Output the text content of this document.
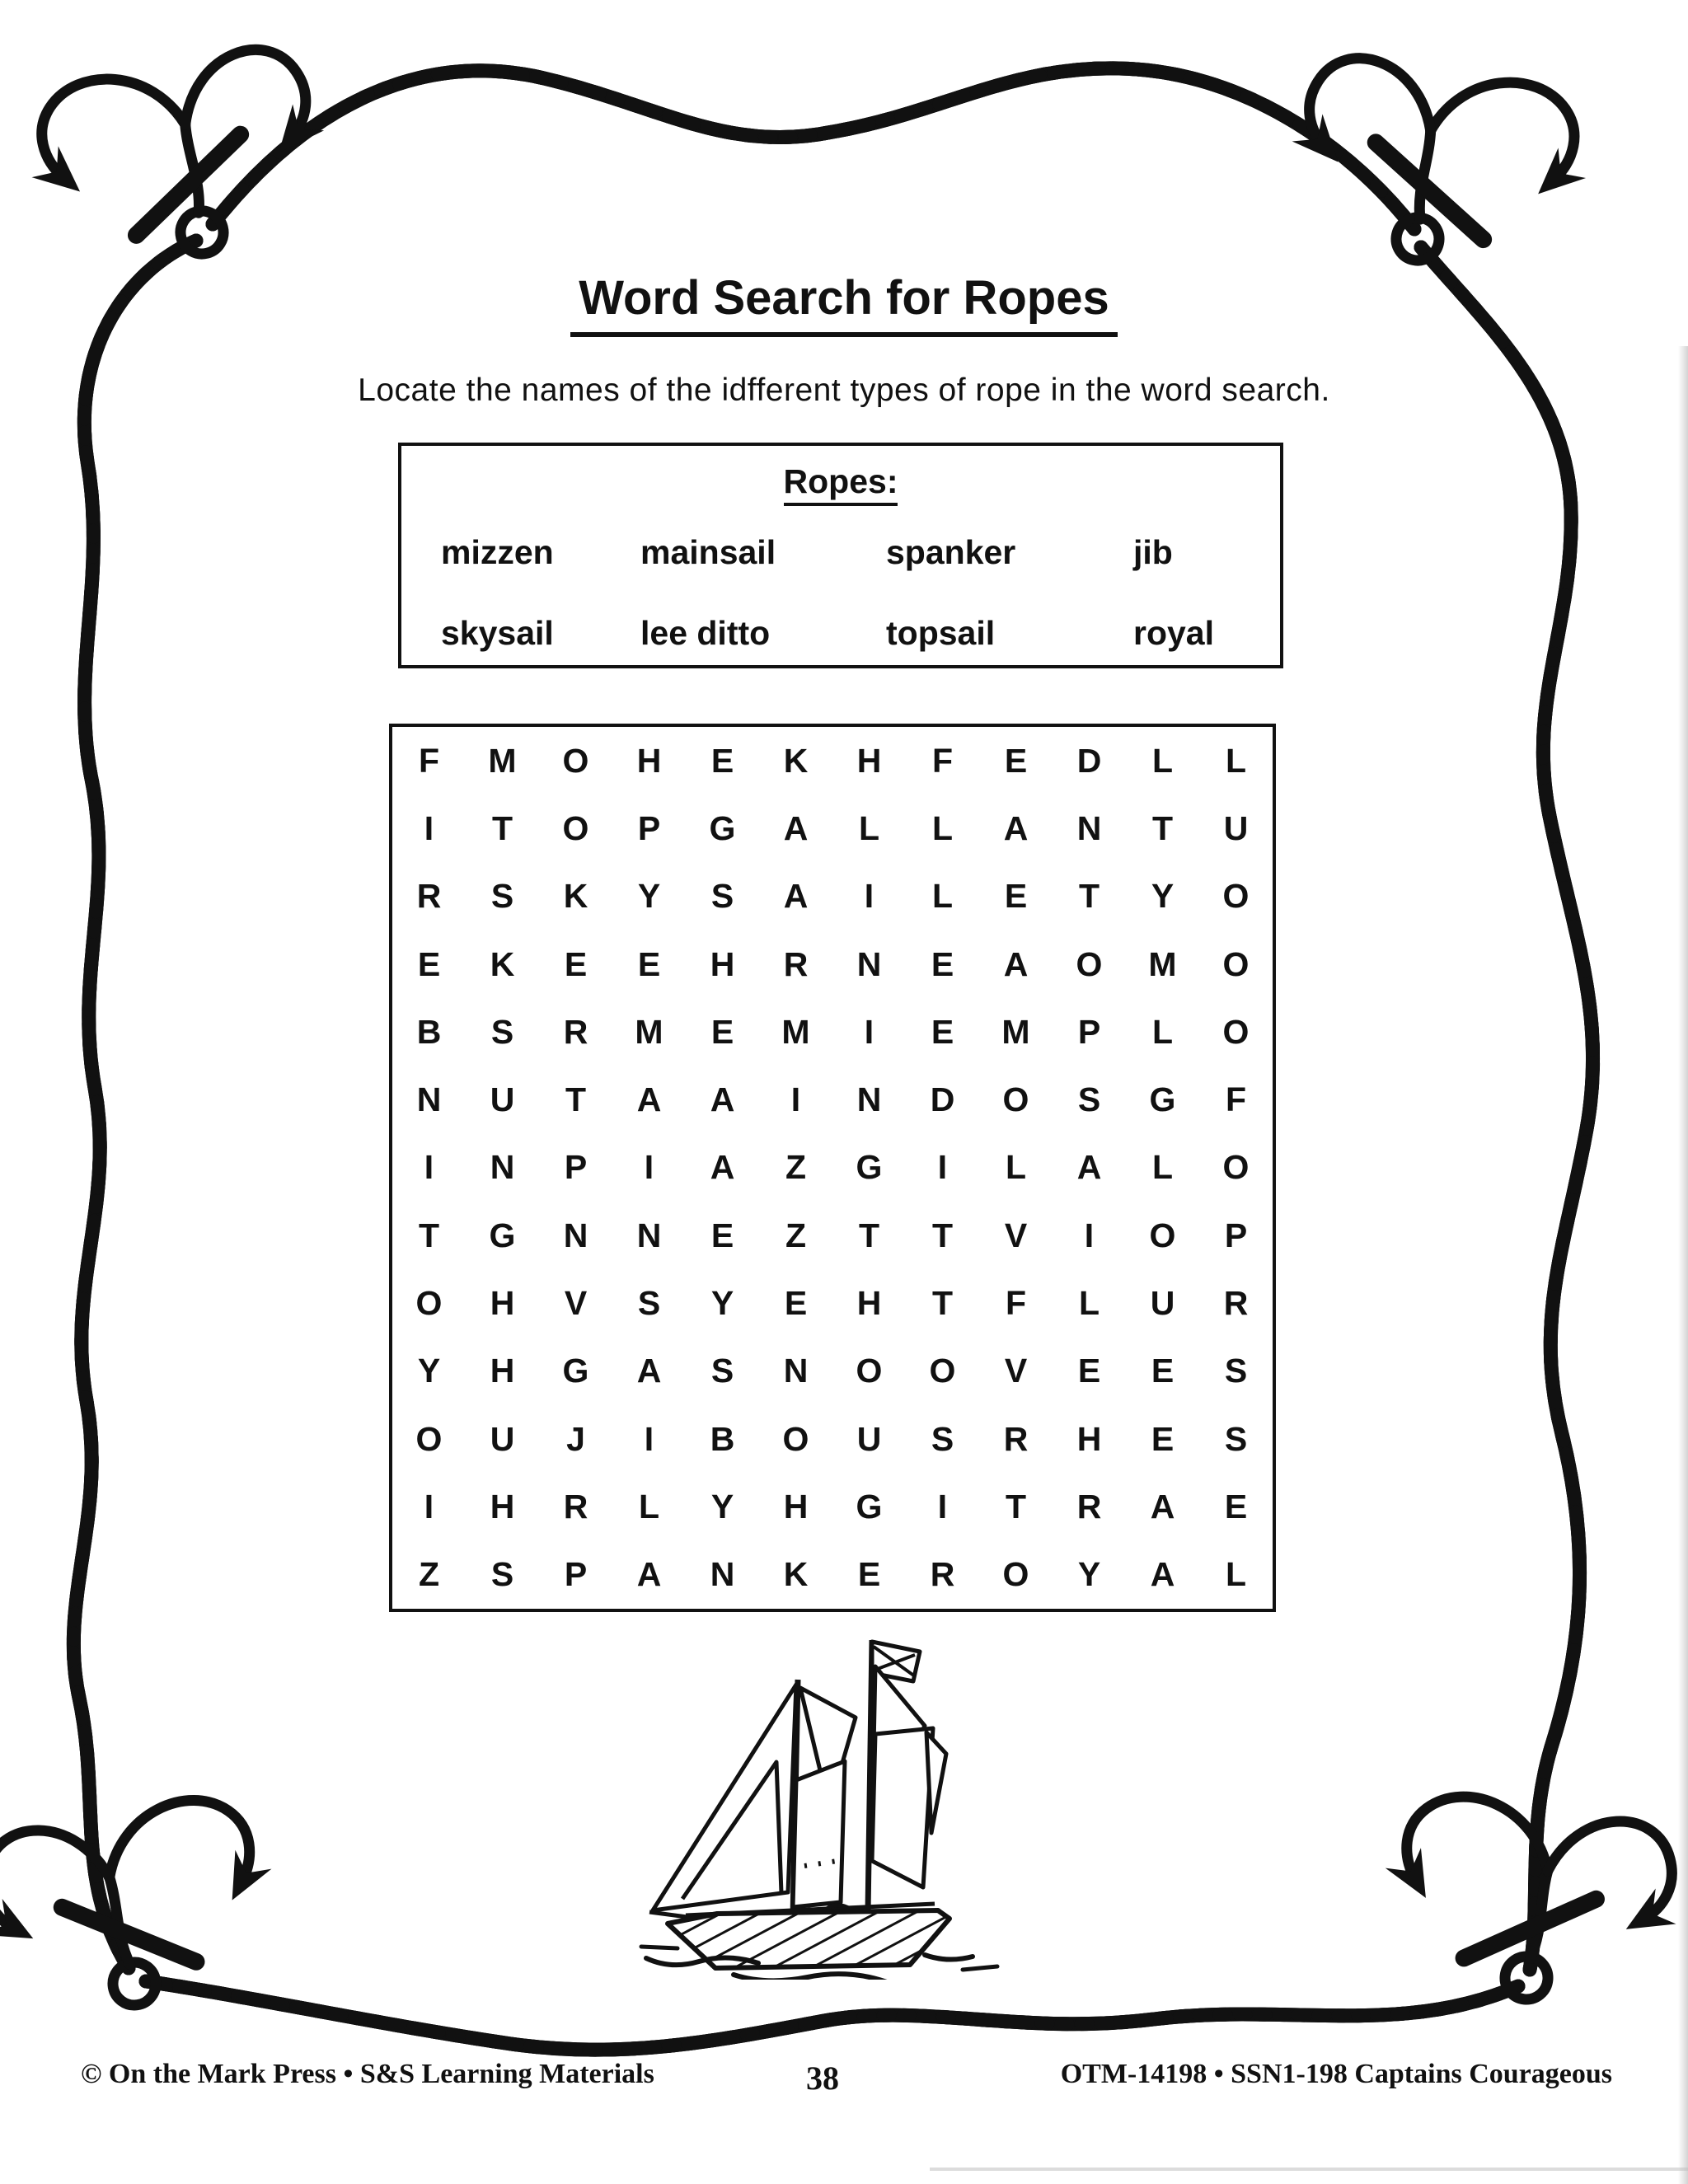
Word Search for Ropes

Locate the names of the idfferent types of rope in the word search.

Ropes:
mizzen	mainsail	spanker	jib
skysail	lee ditto	topsail	royal
F	M	O	H	E	K	H	F	E	D	L	L
I	T	O	P	G	A	L	L	A	N	T	U
R	S	K	Y	S	A	I	L	E	T	Y	O
E	K	E	E	H	R	N	E	A	O	M	O
B	S	R	M	E	M	I	E	M	P	L	O
N	U	T	A	A	I	N	D	O	S	G	F
I	N	P	I	A	Z	G	I	L	A	L	O
T	G	N	N	E	Z	T	T	V	I	O	P
O	H	V	S	Y	E	H	T	F	L	U	R
Y	H	G	A	S	N	O	O	V	E	E	S
O	U	J	I	B	O	U	S	R	H	E	S
I	H	R	L	Y	H	G	I	T	R	A	E
Z	S	P	A	N	K	E	R	O	Y	A	L
© On the Mark Press • S&S Learning Materials	38	OTM-14198 • SSN1-198 Captains Courageous
